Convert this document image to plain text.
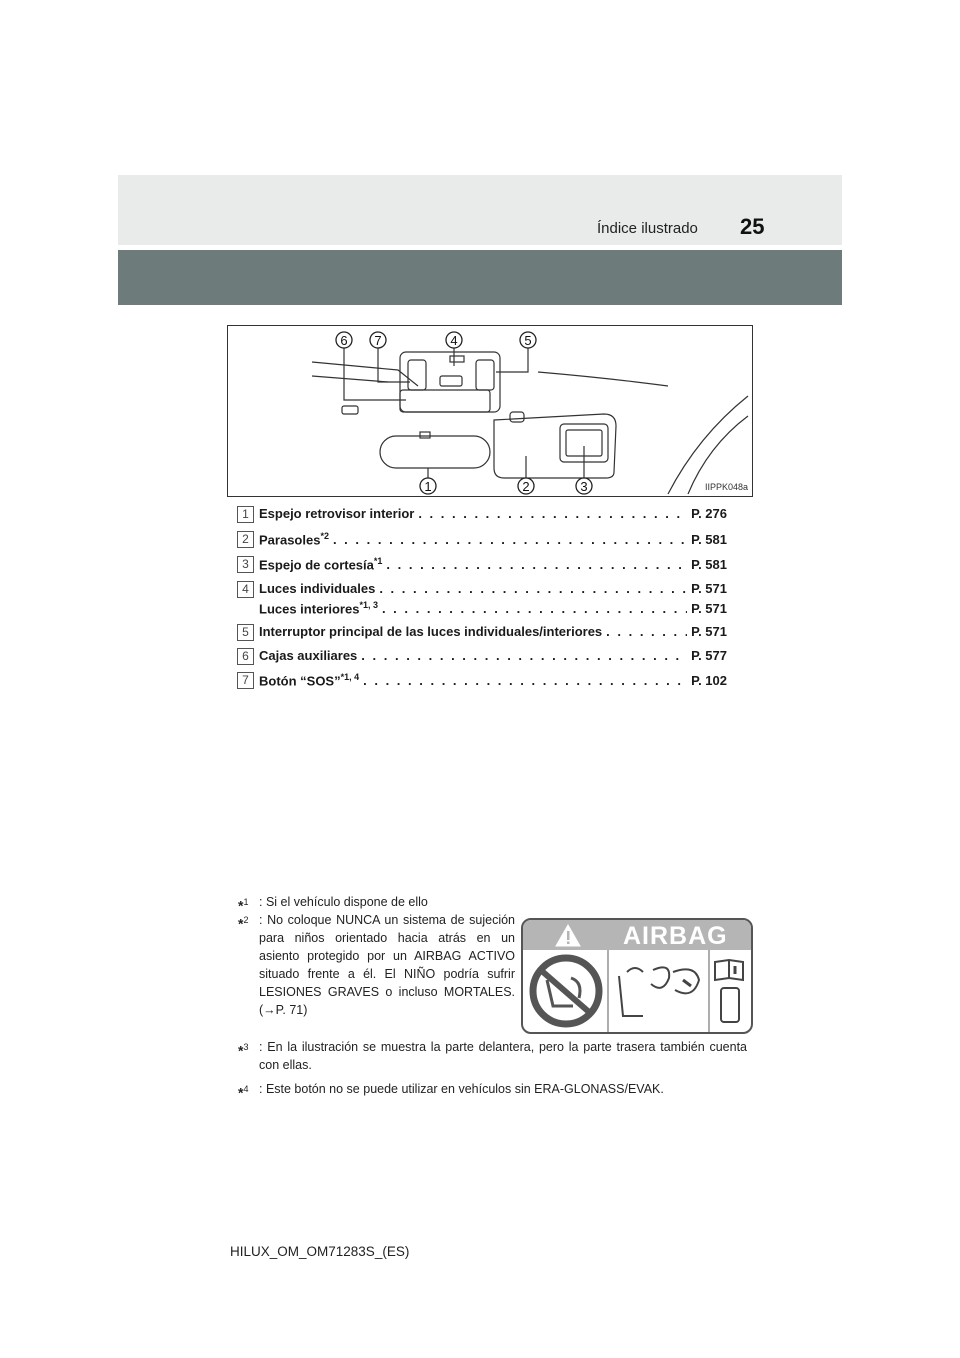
Índice ilustrado 25
6 7	4	5
1	2	3	IIPPK048a
1 Espejo retrovisor interior . . .	P. 276
2 Parasoles$^{*2}$ . . .	P. 581
3 Espejo de cortesía$^{*1}$ . . .	P. 581
4 Luces individuales . . .	P. 571
Luces interiores$^{*1, 3}$ . . .	P. 571
5 Interruptor principal de las luces individuales/interiores . . .	P. 571
6 Cajas auxiliares . . .	P. 577
7 Botón “SOS”$^{*1, 4}$ . . .	P. 102
*$^1$ : Si el vehículo dispone de ello
*$^2$ : No coloque NUNCA un sistema de sujeción para niños orientado hacia atrás en un asiento protegido por un AIRBAG ACTIVO situado frente a él. El NIÑO podría sufrir LESIONES GRAVES o incluso MORTALES. (→P. 71)
*$^3$ : En la ilustración se muestra la parte delantera, pero la parte trasera también cuenta con ellas.
*$^4$ : Este botón no se puede utilizar en vehículos sin ERA-GLONASS/EVAK.
AIRBAG
HILUX_OM_OM71283S_(ES)
